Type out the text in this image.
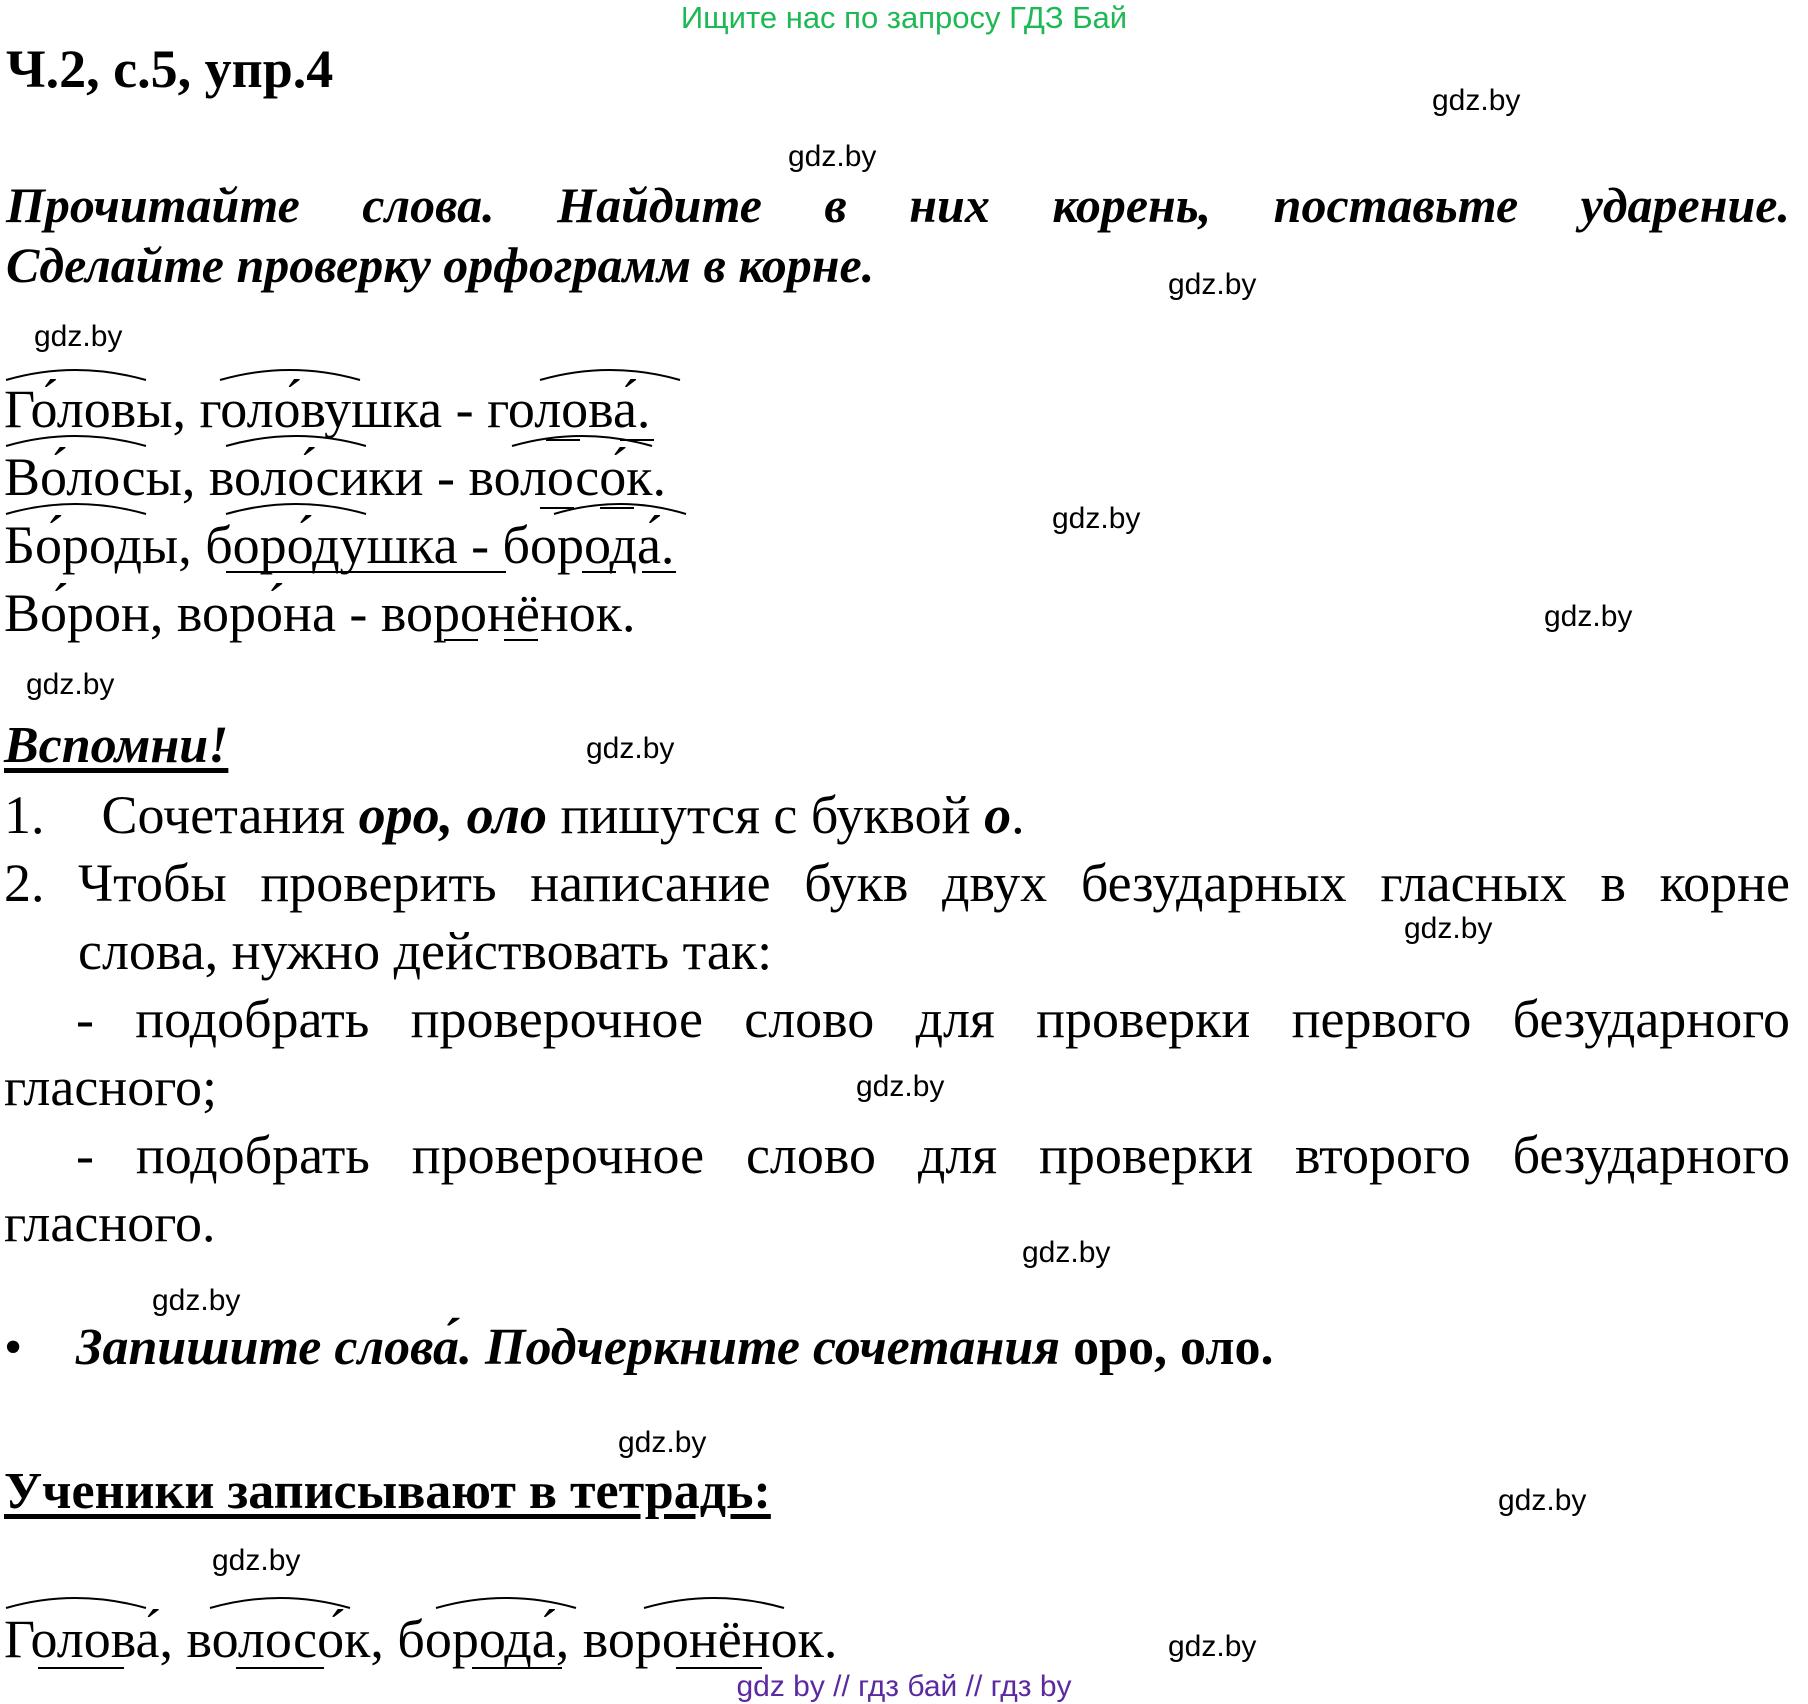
Ищите нас по запросу ГДЗ Бай
Ч.2, с.5, упр.4
Прочитайте слова. Найдите в них корень, поставьте ударение.
Сделайте проверку орфограмм в корне.
Го́ловы, голо́вушка - голова́.
Во́лосы, воло́сики - волосо́к.
Бо́роды, боро́душка - борода́.
Во́рон, воро́на - воронёнок.
Вспомни!
1. Сочетания оро, оло пишутся с буквой о.
2. Чтобы проверить написание букв двух безударных гласных в корне
слова, нужно действовать так:
- подобрать проверочное слово для проверки первого безударного
гласного;
- подобрать проверочное слово для проверки второго безударного
гласного.
• Запишите слова́. Подчеркните сочетания оро, оло.
Ученики записывают в тетрадь:
Голова́, волосо́к, борода́, воронёнок.
gdz.by
gdz.by
gdz.by
gdz.by
gdz.by
gdz.by
gdz.by
gdz.by
gdz.by
gdz.by
gdz.by
gdz.by
gdz.by
gdz.by
gdz.by
gdz.by
gdz by // гдз бай // гдз by
